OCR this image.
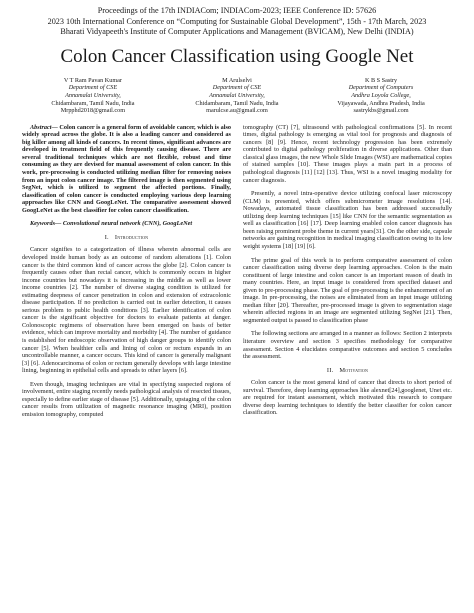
Proceedings of the 17th INDIACom; INDIACom-2023; IEEE Conference ID: 57626
2023 10th International Conference on “Computing for Sustainable Global Development”, 15th - 17th March, 2023
Bharati Vidyapeeth's Institute of Computer Applications and Management (BVICAM), New Delhi (INDIA)
Colon Cancer Classification using Google Net
V T Ram Pavan Kumar
Department of CSE
Annamalai University,
Chidambaram, Tamil Nadu, India
Mrpphd2018@gmail.com
M Arulselvi
Department of CSE
Annamalai University,
Chidambaram, Tamil Nadu, India
marulcse.au@gmail.com
K B S Sastry
Department of Computers
Andhra Loyola College,
Vijayawada, Andhra Pradesh, India
sastrykbs@gmail.com

Abstract— Colon cancer is a general form of avoidable cancer, which is also widely spread across the globe. It is also a leading cancer and considered as big killer among all kinds of cancers. In recent times, significant advances are developed in treatment field of this frequently causing disease. There are several traditional techniques which are not flexible, robust and time consuming as they are devised for manual assessment of colon cancer. In this work, pre-processing is conducted utilizing median filter for removing noises from an input colon cancer image. The filtered image is then segmented using SegNet, which is utilized to segment the affected portions. Finally, classification of colon cancer is conducted employing various deep learning approaches like CNN and GoogLeNet. The comparative assessment showed GoogLeNet as the best classifier for colon cancer classification.

Keywords— Convolutional neural network (CNN), GoogLeNet

I. Introduction

Cancer signifies to a categorization of illness wherein abnormal cells are developed inside human body as an outcome of random alterations [1]. Colon cancer is the third common kind of cancer across the globe [2]. Colon cancer is frequently causes other than rectal cancer, which is commonly occurs in higher income countries but nowadays it is increasing in the middle as well as lower income countries [2]. The number of diverse staging condition is utilized for estimating deepness of cancer penetration in colon and extension of extracolonic disease participation. If no prediction is carried out in earlier detection, it causes serious problem to public health conditions [3]. Earlier identification of colon cancer is the significant objective for doctors to evaluate patients at danger. Colonoscopic regimens of observation have been emerged on basis of better evidence, which can improve mortality and morbidity [4]. The number of guidance is established for endoscopic observation of high danger groups to identify colon cancer [5]. When healthier cells and lining of colon or rectum expands in an uncontrollable manner, a cancer occurs. This kind of cancer is generally malignant [3] [6]. Adenocarcinoma of colon or rectum generally develops with large intestine lining, beginning in epithelial cells and spreads to other layers [6].

Even though, imaging techniques are vital in specifying suspected regions of involvement, entire staging recently needs pathological analysis of resected tissues, especially to define earlier stage of disease [5]. Additionally, upstaging of the colon cancer results from utilization of magnetic resonance imaging (MRI), position emission tomography, computed

tomography (CT) [7], ultrasound with pathological confirmations [5]. In recent times, digital pathology is emerging as vital tool for prognosis and diagnosis of cancers [8] [9]. Hence, recent technology progression has been extremely contributed to digital pathology proliferation in diverse applications. Other than classical glass images, the new Whole Slide Images (WSI) are mathematical copies of stained samples [10]. These images plays a main part in a process of pathological diagnosis [11] [12] [13]. Thus, WSI is a novel imaging modality for cancer diagnosis.

Presently, a novel intra-operative device utilizing confocal laser microscopy (CLM) is presented, which offers submicrometer image resolutions [14]. Nowadays, automated tissue classification has been addressed successfully utilizing deep learning techniques [15] like CNN for the semantic segmentation as well as classification [16] [17]. Deep learning enabled colon cancer diagnosis has been raising prominent probe theme in current years[31]. On the other side, capsule networks are gaining recognition in medical imaging classification owing to its low weight systems [18] [19] [6].

The prime goal of this work is to perform comparative assessment of colon cancer classification using diverse deep learning approaches. Colon is the main constituent of large intestine and colon cancer is an important reason of death in many countries. Here, an input image is considered from specified dataset and given to pre-processing phase. The goal of pre-processing is the enhancement of an image. In pre-processing, the noises are eliminated from an input image utilizing median filter [20]. Thereafter, pre-processed image is given to segmentation stage wherein affected regions in an image are segmented utilizing SegNet [21]. Then, segmented output is passed to classification phase

The following sections are arranged in a manner as follows: Section 2 interprets literature overview and section 3 specifies methodology for comparative assessment. Section 4 elucidates comparative outcomes and section 5 concludes the assessment.

II. Motivation

Colon cancer is the most general kind of cancer that directs to short period of survival. Therefore, deep learning approaches like alexnet[24],googlenet, Unet etc. are required for instant assessment, which motivated this research to compare diverse deep learning techniques to identify the better classifier for colon cancer classification.
